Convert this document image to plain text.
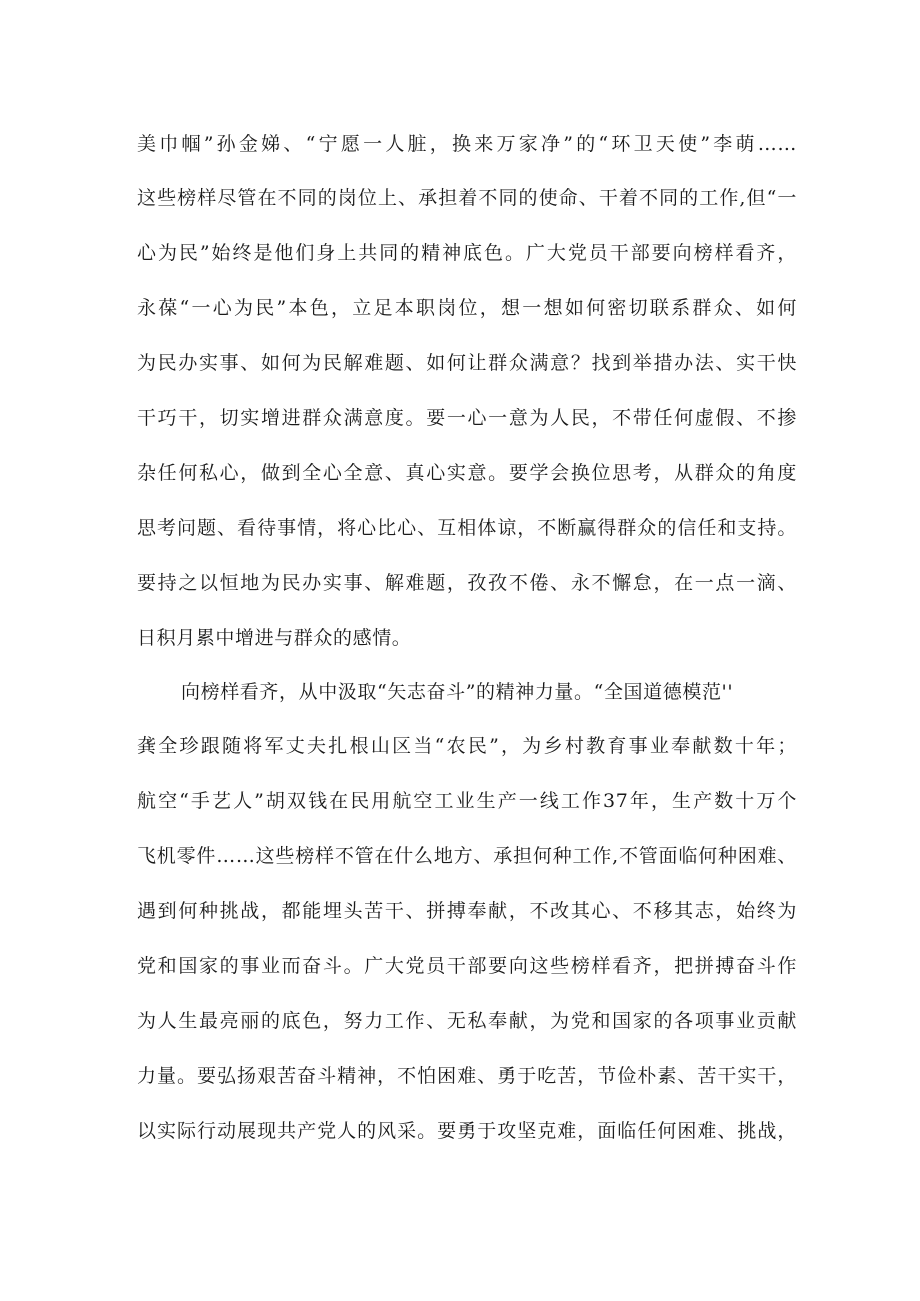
美巾帼”孙金娣、“宁愿一人脏，换来万家净”的“环卫天使”李萌……
这些榜样尽管在不同的岗位上、承担着不同的使命、干着不同的工作,但“一
心为民”始终是他们身上共同的精神底色。广大党员干部要向榜样看齐，
永葆“一心为民”本色，立足本职岗位，想一想如何密切联系群众、如何
为民办实事、如何为民解难题、如何让群众满意？找到举措办法、实干快
干巧干，切实增进群众满意度。要一心一意为人民，不带任何虚假、不掺
杂任何私心，做到全心全意、真心实意。要学会换位思考，从群众的角度
思考问题、看待事情，将心比心、互相体谅，不断赢得群众的信任和支持。
要持之以恒地为民办实事、解难题，孜孜不倦、永不懈怠，在一点一滴、
日积月累中增进与群众的感情。
向榜样看齐，从中汲取“矢志奋斗”的精神力量。“全国道德模范''
龚全珍跟随将军丈夫扎根山区当“农民”，为乡村教育事业奉献数十年；
航空“手艺人”胡双钱在民用航空工业生产一线工作37年，生产数十万个
飞机零件……这些榜样不管在什么地方、承担何种工作,不管面临何种困难、
遇到何种挑战，都能埋头苦干、拼搏奉献，不改其心、不移其志，始终为
党和国家的事业而奋斗。广大党员干部要向这些榜样看齐，把拼搏奋斗作
为人生最亮丽的底色，努力工作、无私奉献，为党和国家的各项事业贡献
力量。要弘扬艰苦奋斗精神，不怕困难、勇于吃苦，节俭朴素、苦干实干，
以实际行动展现共产党人的风采。要勇于攻坚克难，面临任何困难、挑战，
